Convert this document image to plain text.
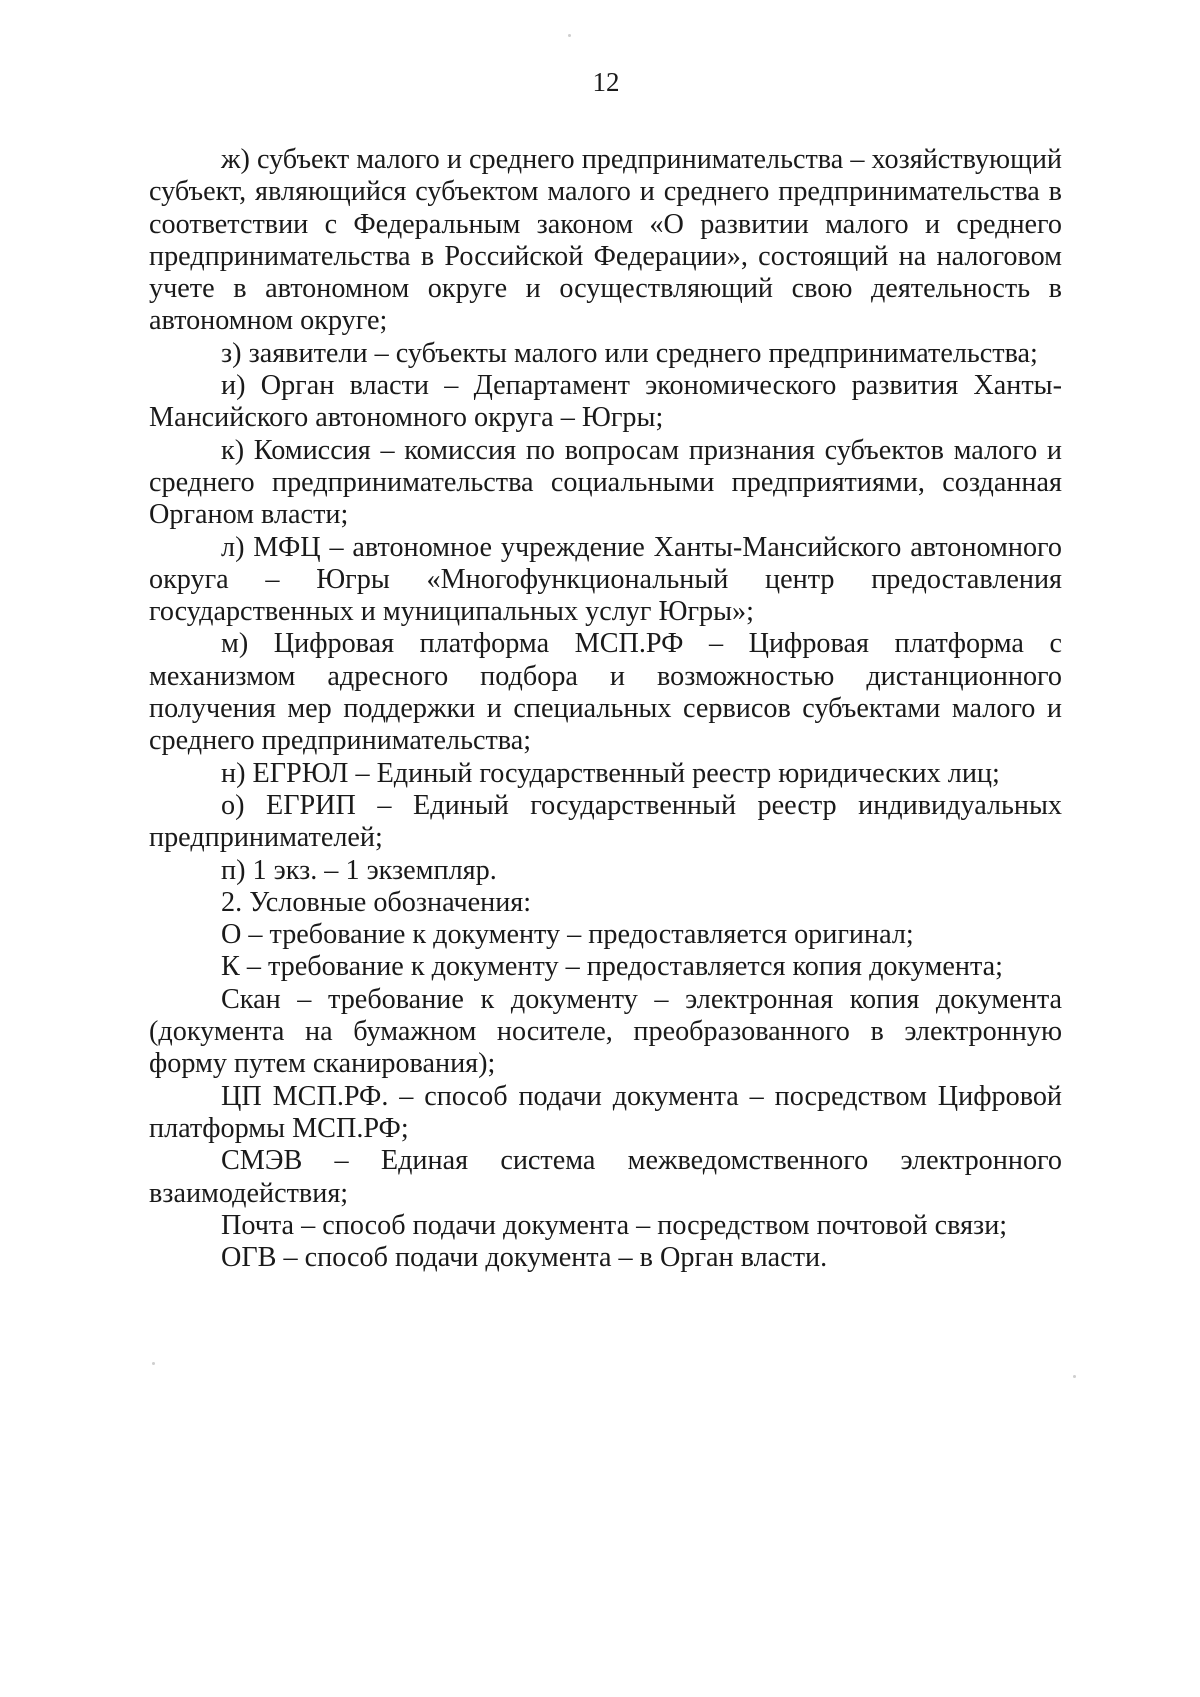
12

ж) субъект малого и среднего предпринимательства – хозяйствующий субъект, являющийся субъектом малого и среднего предпринимательства в соответствии с Федеральным законом «О развитии малого и среднего предпринимательства в Российской Федерации», состоящий на налоговом учете в автономном округе и осуществляющий свою деятельность в автономном округе;

з) заявители – субъекты малого или среднего предпринимательства;

и) Орган власти – Департамент экономического развития Ханты-Мансийского автономного округа – Югры;

к) Комиссия – комиссия по вопросам признания субъектов малого и среднего предпринимательства социальными предприятиями, созданная Органом власти;

л) МФЦ – автономное учреждение Ханты-Мансийского автономного округа – Югры «Многофункциональный центр предоставления государственных и муниципальных услуг Югры»;

м) Цифровая платформа МСП.РФ – Цифровая платформа с механизмом адресного подбора и возможностью дистанционного получения мер поддержки и специальных сервисов субъектами малого и среднего предпринимательства;

н) ЕГРЮЛ – Единый государственный реестр юридических лиц;

о) ЕГРИП – Единый государственный реестр индивидуальных предпринимателей;

п) 1 экз. – 1 экземпляр.

2. Условные обозначения:

О – требование к документу – предоставляется оригинал;

К – требование к документу – предоставляется копия документа;

Скан – требование к документу – электронная копия документа (документа на бумажном носителе, преобразованного в электронную форму путем сканирования);

ЦП МСП.РФ. – способ подачи документа – посредством Цифровой платформы МСП.РФ;

СМЭВ – Единая система межведомственного электронного взаимодействия;

Почта – способ подачи документа – посредством почтовой связи;

ОГВ – способ подачи документа – в Орган власти.
